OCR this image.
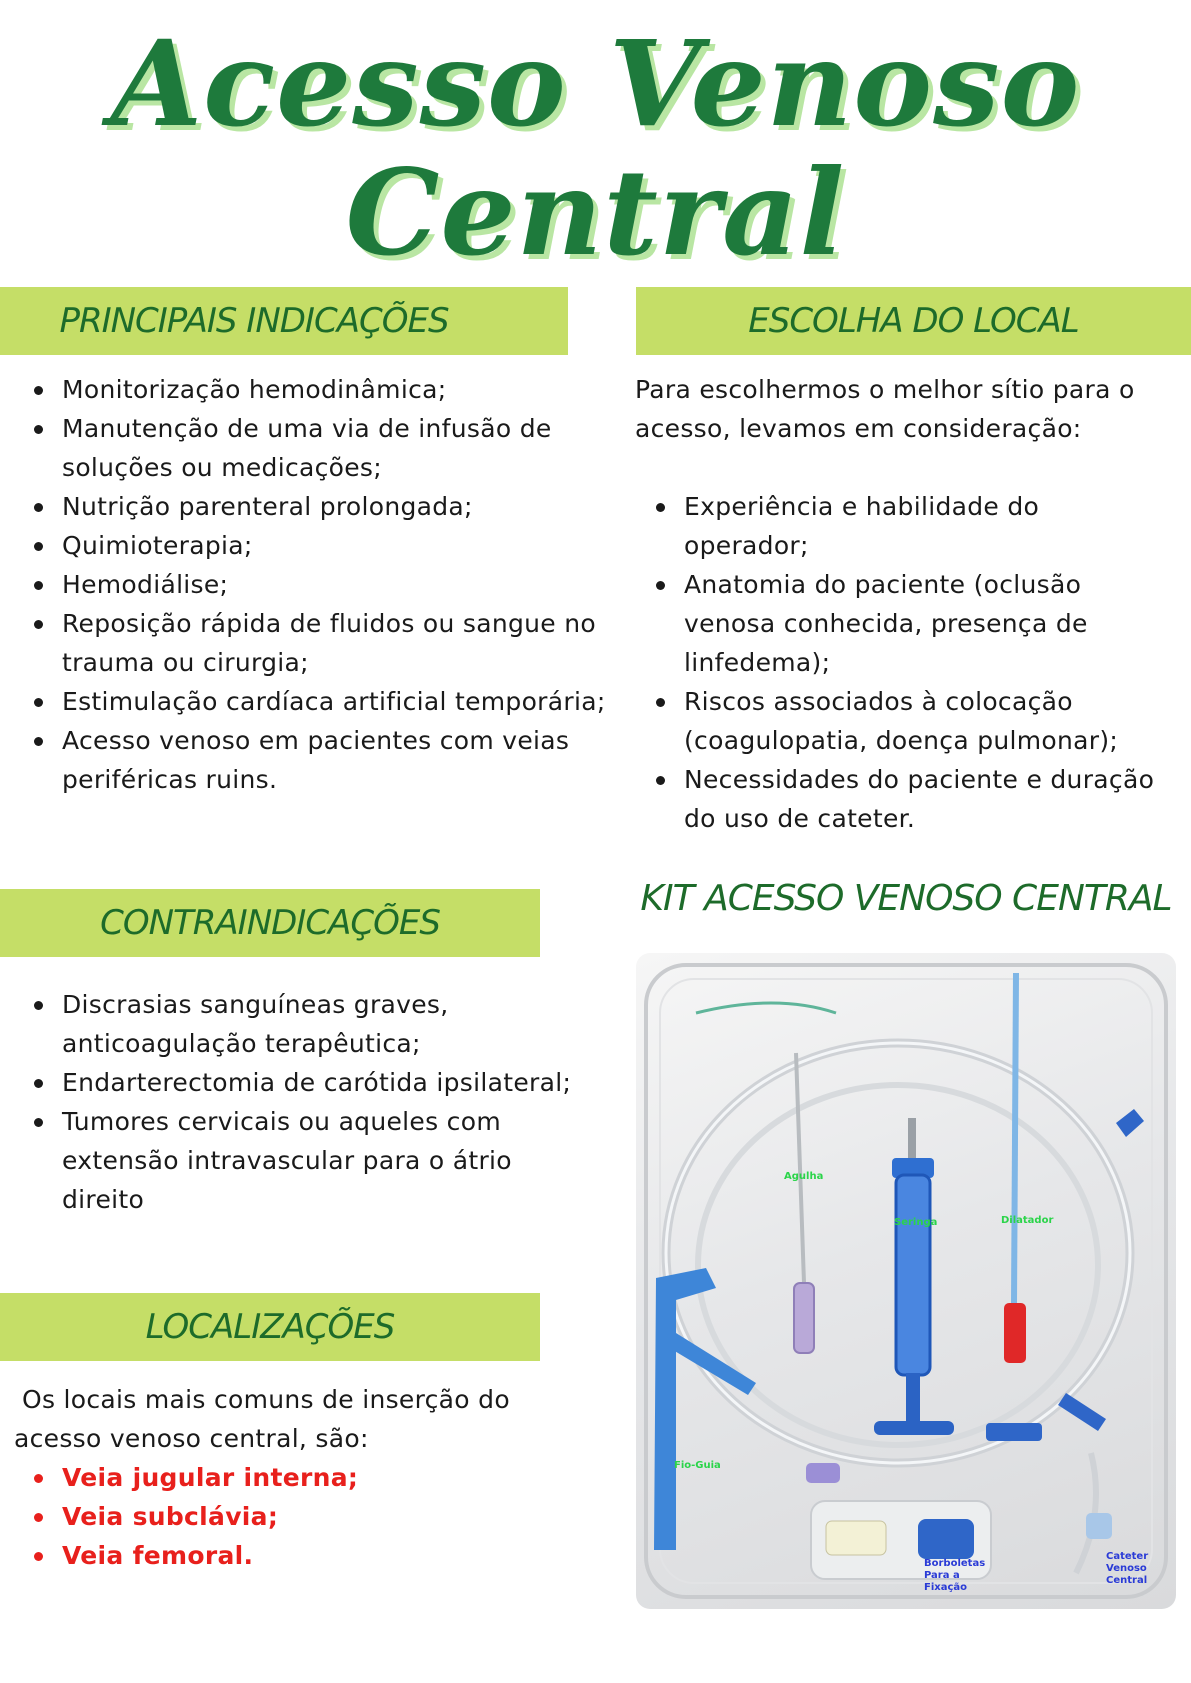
Acesso Venoso
Central
PRINCIPAIS INDICAÇÕES
Monitorização hemodinâmica;
Manutenção de uma via de infusão de soluções ou medicações;
Nutrição parenteral prolongada;
Quimioterapia;
Hemodiálise;
Reposição rápida de fluidos ou sangue no trauma ou cirurgia;
Estimulação cardíaca artificial temporária;
Acesso venoso em pacientes com veias periféricas ruins.
ESCOLHA DO LOCAL
Para escolhermos o melhor sítio para o acesso, levamos em consideração:
Experiência e habilidade do operador;
Anatomia do paciente (oclusão venosa conhecida, presença de linfedema);
Riscos associados à colocação (coagulopatia, doença pulmonar);
Necessidades do paciente e duração do uso de cateter.
CONTRAINDICAÇÕES
Discrasias sanguíneas graves, anticoagulação terapêutica;
Endarterectomia de carótida ipsilateral;
Tumores cervicais ou aqueles com extensão intravascular para o átrio direito
LOCALIZAÇÕES
Os locais mais comuns de inserção do acesso venoso central, são:
Veia jugular interna;
Veia subclávia;
Veia femoral.
KIT ACESSO VENOSO CENTRAL
Agulha
Seringa	Dilatador
Fio-Guia
Borboletas Para a Fixação
Cateter Venoso Central
